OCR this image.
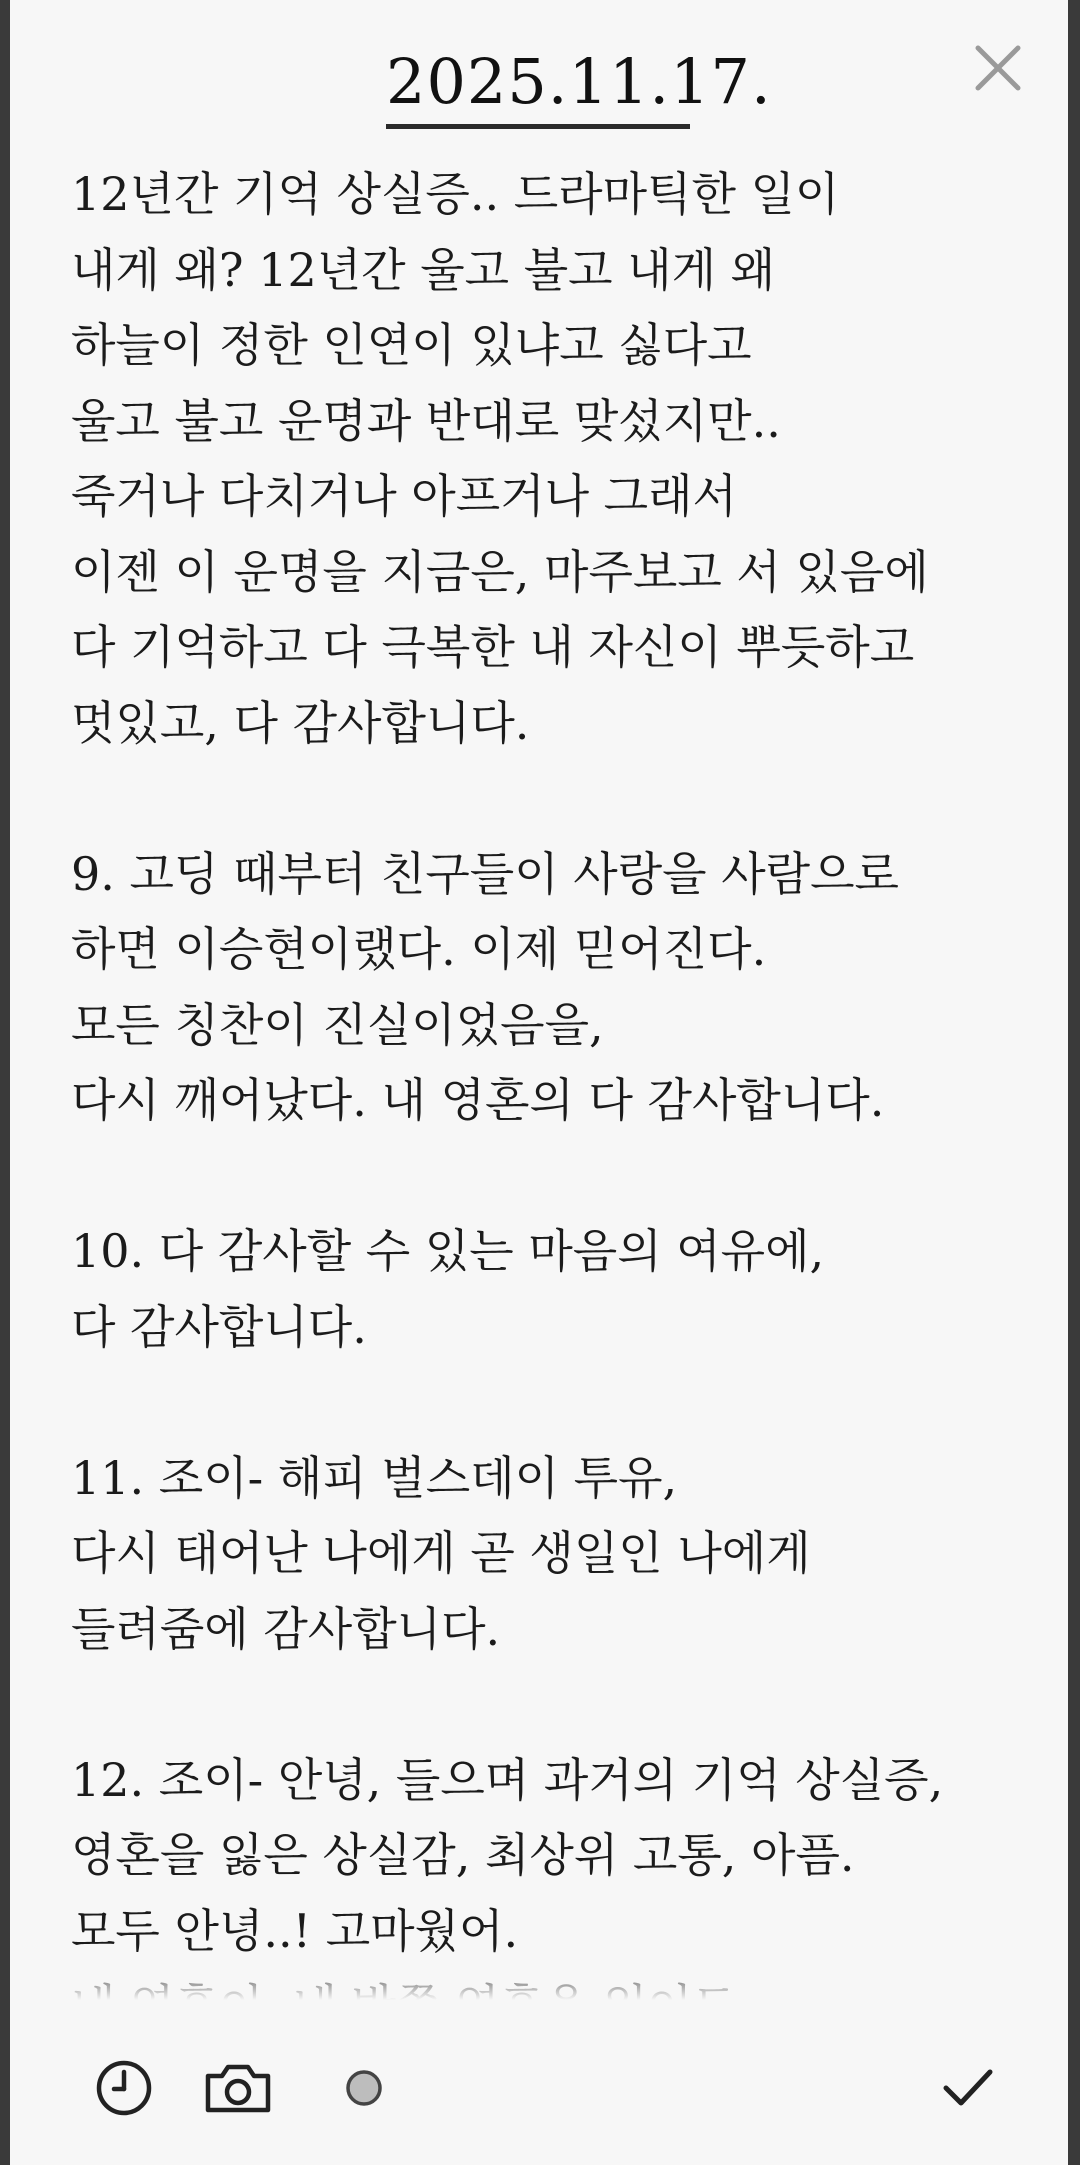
2025.11.17.
12년간 기억 상실증.. 드라마틱한 일이
내게 왜? 12년간 울고 불고 내게 왜
하늘이 정한 인연이 있냐고 싫다고
울고 불고 운명과 반대로 맞섰지만..
죽거나 다치거나 아프거나 그래서
이젠 이 운명을 지금은, 마주보고 서 있음에
다 기억하고 다 극복한 내 자신이 뿌듯하고
멋있고, 다 감사합니다.

9. 고딩 때부터 친구들이 사랑을 사람으로
하면 이승현이랬다. 이제 믿어진다.
모든 칭찬이 진실이었음을,
다시 깨어났다. 내 영혼의 다 감사합니다.

10. 다 감사할 수 있는 마음의 여유에,
다 감사합니다.

11. 조이- 해피 벌스데이 투유,
다시 태어난 나에게 곧 생일인 나에게
들려줌에 감사합니다.

12. 조이- 안녕, 들으며 과거의 기억 상실증,
영혼을 잃은 상실감, 최상위 고통, 아픔.
모두 안녕..! 고마웠어.
